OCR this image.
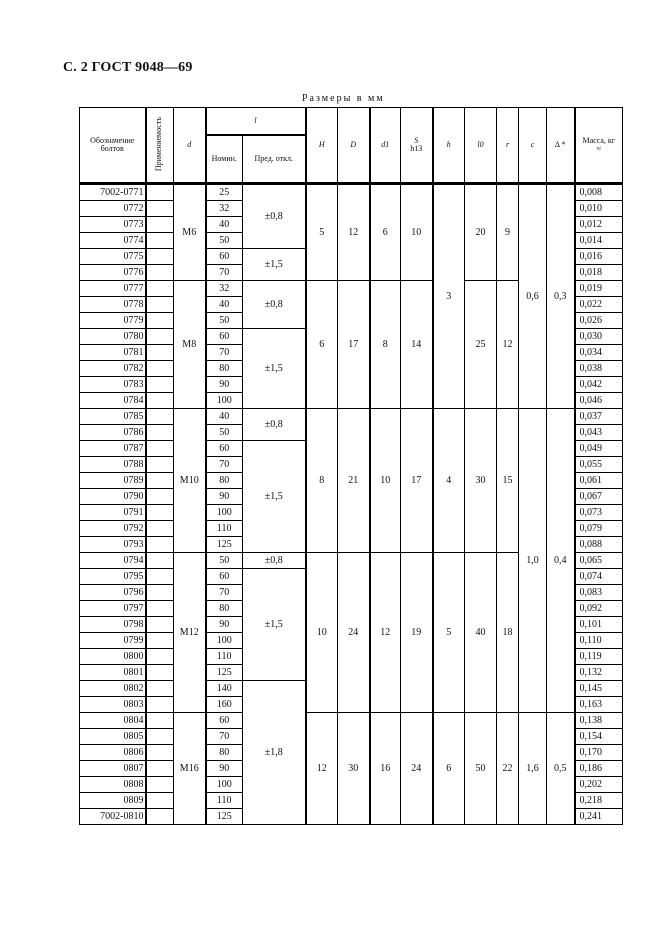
С. 2 ГОСТ 9048—69
Размеры в мм
Обозначение болтов	Применяемость	d	l		H	D	d1	S
h13	h	l0	r	c	Δ *	Масса, кг
≈
			Номин.	Пред. откл.										
7002-0771		M6	25	±0,8	5	12	6	10	3	20	9	0,6	0,3	0,008
0772			32											0,010
0773			40											0,012
0774			50											0,014
0775			60	±1,5										0,016
0776			70											0,018
0777		M8	32	±0,8	6	17	8	14		25	12			0,019
0778			40											0,022
0779			50											0,026
0780			60	±1,5										0,030
0781			70											0,034
0782			80											0,038
0783			90											0,042
0784			100											0,046
0785		M10	40	±0,8	8	21	10	17	4	30	15	1,0	0,4	0,037
0786			50											0,043
0787			60	±1,5										0,049
0788			70											0,055
0789			80											0,061
0790			90											0,067
0791			100											0,073
0792			110											0,079
0793			125											0,088
0794		M12	50	±0,8	10	24	12	19	5	40	18			0,065
0795			60	±1,5										0,074
0796			70											0,083
0797			80											0,092
0798			90											0,101
0799			100											0,110
0800			110											0,119
0801			125											0,132
0802			140	±1,8										0,145
0803			160											0,163
0804		M16	60		12	30	16	24	6	50	22	1,6	0,5	0,138
0805			70											0,154
0806			80											0,170
0807			90											0,186
0808			100											0,202
0809			110											0,218
7002-0810			125											0,241
